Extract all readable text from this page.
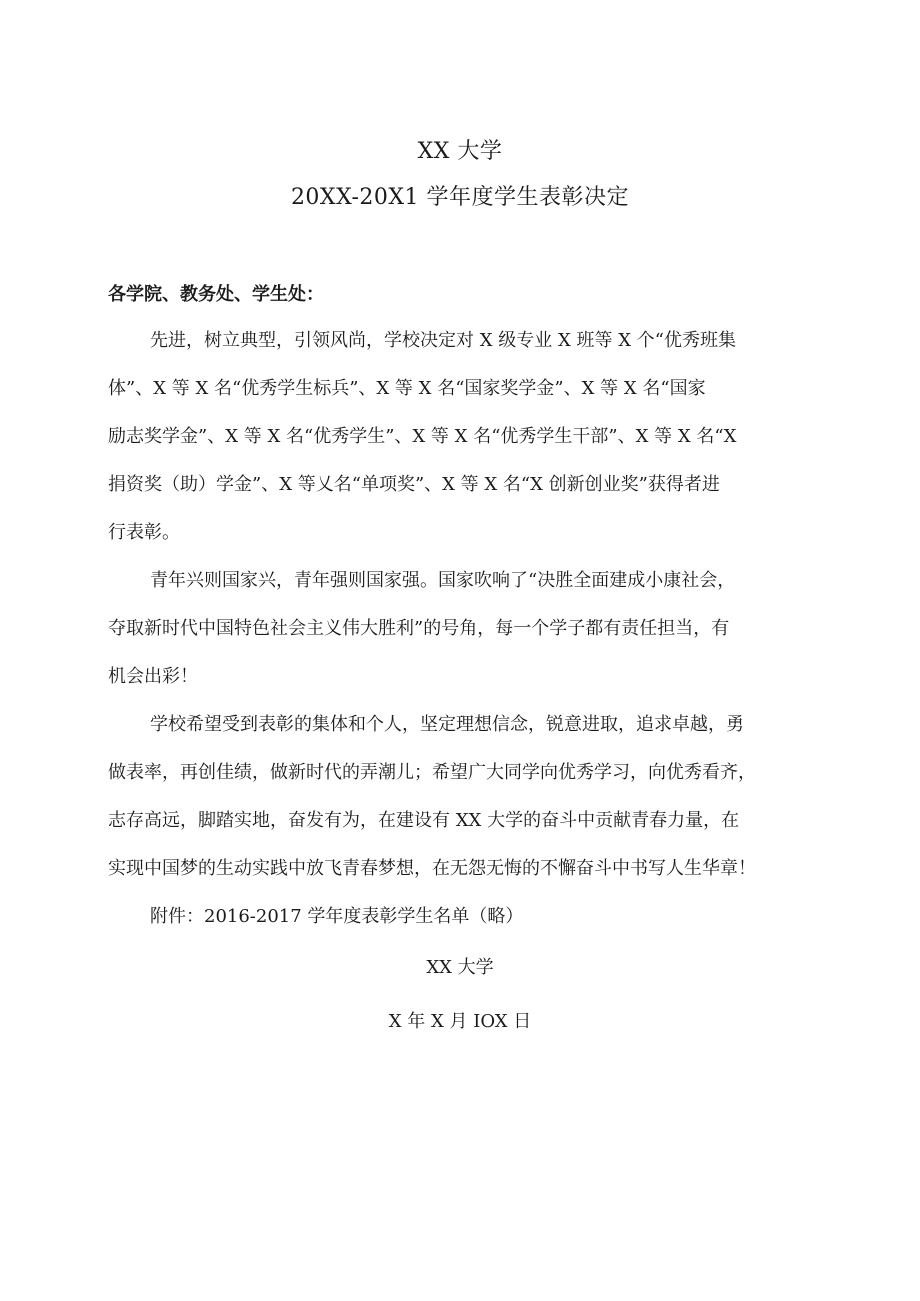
XX 大学
20XX-20X1 学年度学生表彰决定
各学院、教务处、学生处：
先进，树立典型，引领风尚，学校决定对 X 级专业 X 班等 X 个“优秀班集
体”、X 等 X 名“优秀学生标兵”、X 等 X 名“国家奖学金”、X 等 X 名“国家
励志奖学金”、X 等 X 名“优秀学生”、X 等 X 名“优秀学生干部”、X 等 X 名“X
捐资奖（助）学金”、X 等乂名“单项奖”、X 等 X 名“X 创新创业奖”获得者进
行表彰。
青年兴则国家兴，青年强则国家强。国家吹响了“决胜全面建成小康社会，
夺取新时代中国特色社会主义伟大胜利”的号角，每一个学子都有责任担当，有
机会出彩！
学校希望受到表彰的集体和个人，坚定理想信念，锐意进取，追求卓越，勇
做表率，再创佳绩，做新时代的弄潮儿；希望广大同学向优秀学习，向优秀看齐，
志存高远，脚踏实地，奋发有为，在建设有 XX 大学的奋斗中贡献青春力量，在
实现中国梦的生动实践中放飞青春梦想，在无怨无悔的不懈奋斗中书写人生华章！
附件：2016-2017 学年度表彰学生名单（略）
XX 大学
X 年 X 月 IOX 日
